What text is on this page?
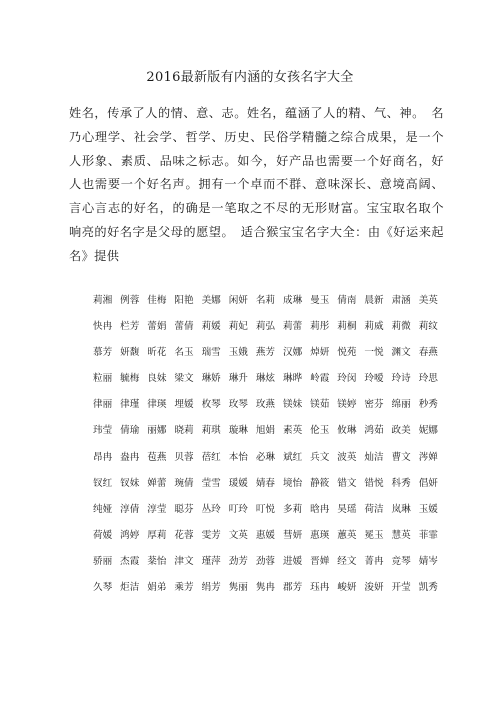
2016最新版有内涵的女孩名字大全

姓名，传承了人的情、意、志。姓名，蕴涵了人的精、气、神。　名乃心理学、社会学、哲学、历史、民俗学精髓之综合成果，是一个人形象、素质、品味之标志。如今，好产品也需要一个好商名，好人也需要一个好名声。拥有一个卓而不群、意味深长、意境高阔、言心言志的好名，的确是一笔取之不尽的无形财富。宝宝取名取个响亮的好名字是父母的愿望。　适合猴宝宝名字大全：由《好运来起名》提供

莉湘 例蓉 佳梅 阳艳 美娜 闲妍 名莉 成琳 曼玉 倩南 晨新 肃涵 美英
快冉 栏芳 蕾娟 蕾倩 莉媛 莉妃 莉弘 莉蕾 莉彤 莉桐 莉威 莉微 莉纹
慕芳 妍馥 昕花 名玉 瑞雪 玉娥 燕芳 汉娜 焯妍 悦苑 一悦 渊文 春燕
粒丽 毓梅 良妹 梁文 琳娇 琳升 琳炫 琳晔 岭霞 玲闵 玲嗳 玲诗 玲思
律丽 律瑾 律瑛 埋媛 枚琴 玫琴 玫燕 镁妹 镁茹 镁婷 密芬 绵丽 秒秀
玮莹 倩瑜 丽娜 晓莉 莉琪 璇琳 旭娟 素英 伦玉 攸琳 鸿茹 政美 妮娜
昂冉 盎冉 苞燕 贝蓉 蓓红 本怡 必琳 斌红 兵文 波英 灿洁 曹文 涔婵
钗红 钗妹 婵蕾 琬倩 莹雪 瑗媛 婧春 境怡 静筱 错文 错悦 科秀 倡妍
纯娅 淳倩 淳莹 聪芬 丛玲 叮玲 叮悦 多莉 晗冉 昊瑶 荷洁 岚琳 玉媛
荷媛 鸿婷 厚莉 花蓉 雯芳 文英 惠媛 彗妍 惠瑛 蕙英 冕玉 慧英 菲霏
骄丽 杰霞 棻怡 津文 瑾萍 劲芳 劲蓉 进媛 晋婵 经文 菁冉 竞琴 婧岑
久琴 炬洁 娟弟 乘芳 绢芳 隽丽 隽冉 郡芳 珏冉 峻妍 浚妍 开莹 凯秀
